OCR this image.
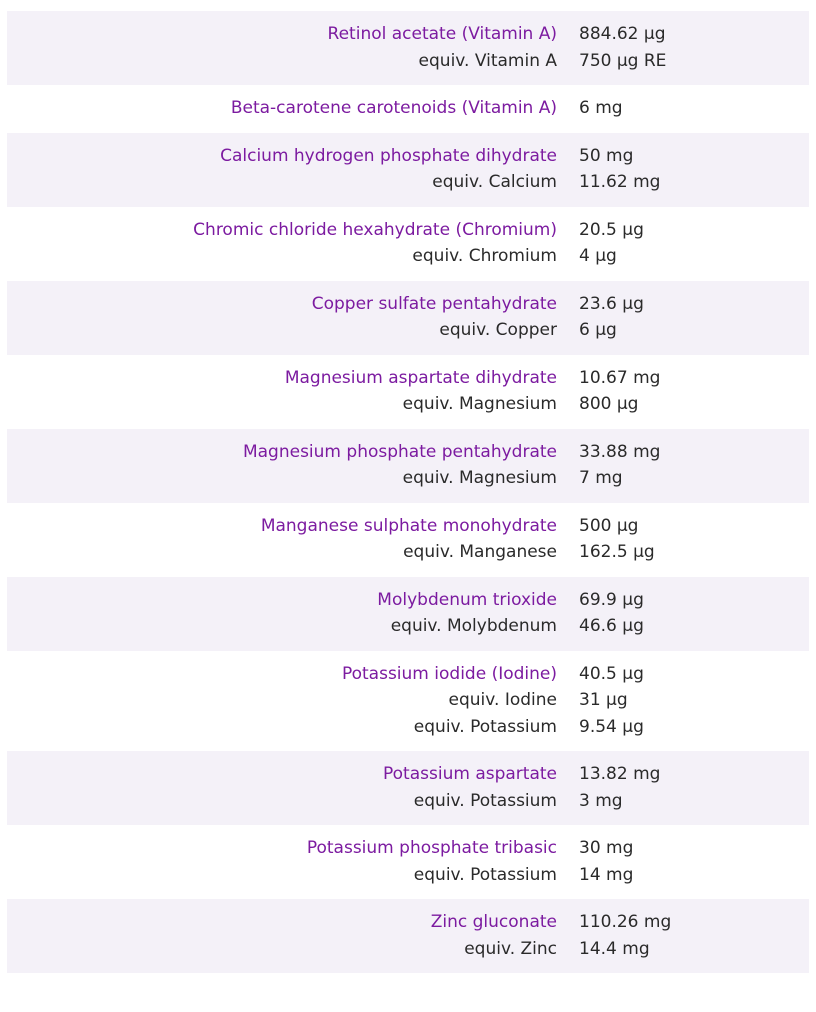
Retinol acetate (Vitamin A) 884.62 µg
equiv. Vitamin A 750 µg RE
Beta-carotene carotenoids (Vitamin A) 6 mg
Calcium hydrogen phosphate dihydrate 50 mg
equiv. Calcium 11.62 mg
Chromic chloride hexahydrate (Chromium) 20.5 µg
equiv. Chromium 4 µg
Copper sulfate pentahydrate 23.6 µg
equiv. Copper 6 µg
Magnesium aspartate dihydrate 10.67 mg
equiv. Magnesium 800 µg
Magnesium phosphate pentahydrate 33.88 mg
equiv. Magnesium 7 mg
Manganese sulphate monohydrate 500 µg
equiv. Manganese 162.5 µg
Molybdenum trioxide 69.9 µg
equiv. Molybdenum 46.6 µg
Potassium iodide (Iodine) 40.5 µg
equiv. Iodine 31 µg
equiv. Potassium 9.54 µg
Potassium aspartate 13.82 mg
equiv. Potassium 3 mg
Potassium phosphate tribasic 30 mg
equiv. Potassium 14 mg
Zinc gluconate 110.26 mg
equiv. Zinc 14.4 mg
